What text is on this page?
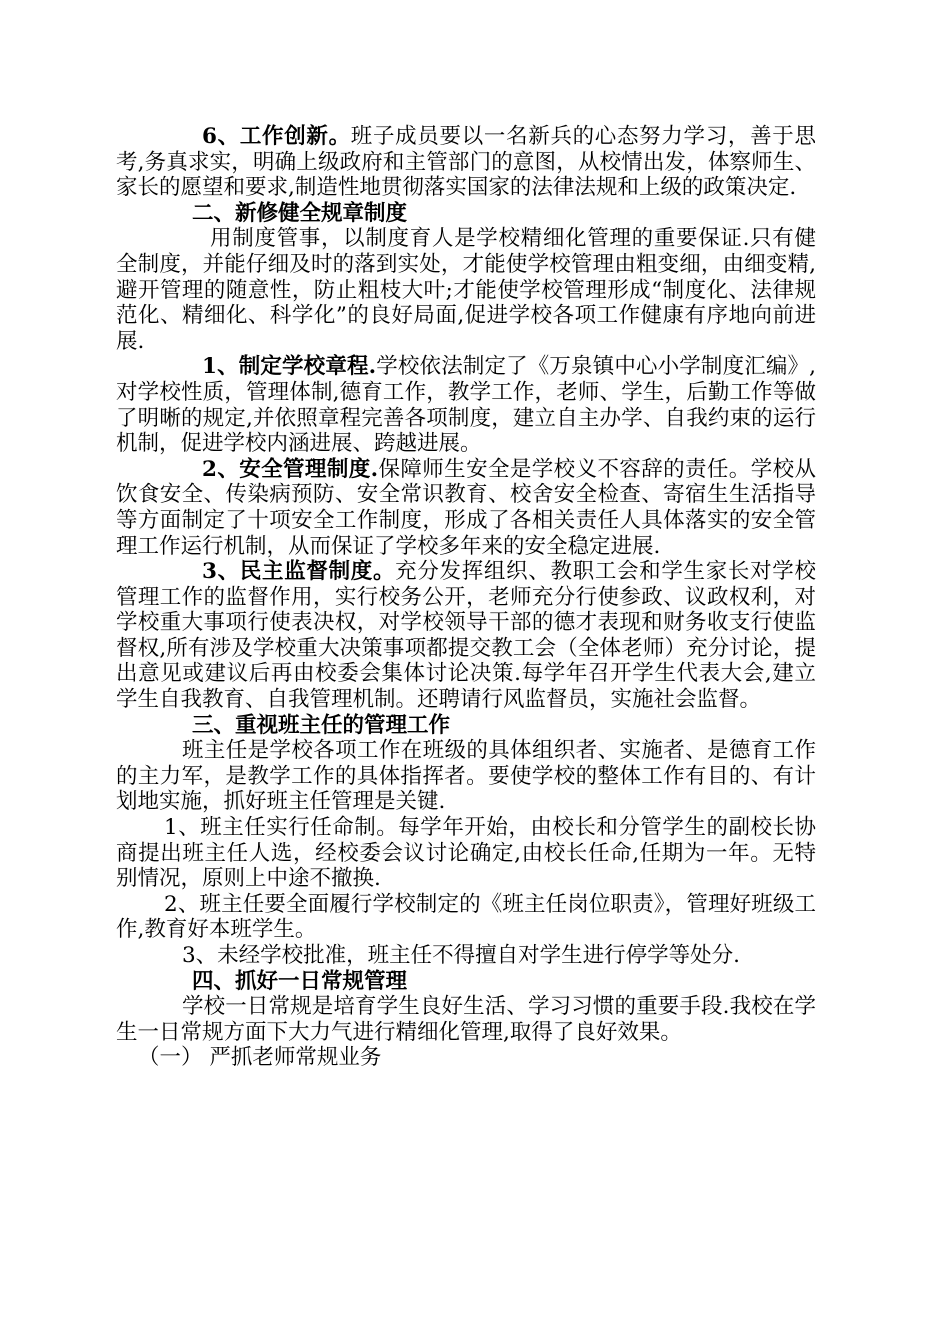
6、工作创新。班子成员要以一名新兵的心态努力学习，善于思考,务真求实，明确上级政府和主管部门的意图，从校情出发，体察师生、家长的愿望和要求,制造性地贯彻落实国家的法律法规和上级的政策决定.

二、新修健全规章制度

用制度管事，以制度育人是学校精细化管理的重要保证.只有健全制度，并能仔细及时的落到实处，才能使学校管理由粗变细，由细变精,避开管理的随意性，防止粗枝大叶;才能使学校管理形成“制度化、法律规范化、精细化、科学化”的良好局面,促进学校各项工作健康有序地向前进展.

1、制定学校章程.学校依法制定了《万泉镇中心小学制度汇编》,对学校性质，管理体制,德育工作，教学工作，老师、学生，后勤工作等做了明晰的规定,并依照章程完善各项制度，建立自主办学、自我约束的运行机制，促进学校内涵进展、跨越进展。

2、安全管理制度.保障师生安全是学校义不容辞的责任。学校从饮食安全、传染病预防、安全常识教育、校舍安全检查、寄宿生生活指导等方面制定了十项安全工作制度，形成了各相关责任人具体落实的安全管理工作运行机制，从而保证了学校多年来的安全稳定进展.

3、民主监督制度。充分发挥组织、教职工会和学生家长对学校管理工作的监督作用，实行校务公开，老师充分行使参政、议政权利，对学校重大事项行使表决权，对学校领导干部的德才表现和财务收支行使监督权,所有涉及学校重大决策事项都提交教工会（全体老师）充分讨论，提出意见或建议后再由校委会集体讨论决策.每学年召开学生代表大会,建立学生自我教育、自我管理机制。还聘请行风监督员，实施社会监督。

三、重视班主任的管理工作

班主任是学校各项工作在班级的具体组织者、实施者、是德育工作的主力军，是教学工作的具体指挥者。要使学校的整体工作有目的、有计划地实施，抓好班主任管理是关键.

1、班主任实行任命制。每学年开始，由校长和分管学生的副校长协商提出班主任人选，经校委会议讨论确定,由校长任命,任期为一年。无特别情况，原则上中途不撤换.

2、班主任要全面履行学校制定的《班主任岗位职责》，管理好班级工作,教育好本班学生。

3、未经学校批准，班主任不得擅自对学生进行停学等处分.

四、抓好一日常规管理

学校一日常规是培育学生良好生活、学习习惯的重要手段.我校在学生一日常规方面下大力气进行精细化管理,取得了良好效果。

（一） 严抓老师常规业务
